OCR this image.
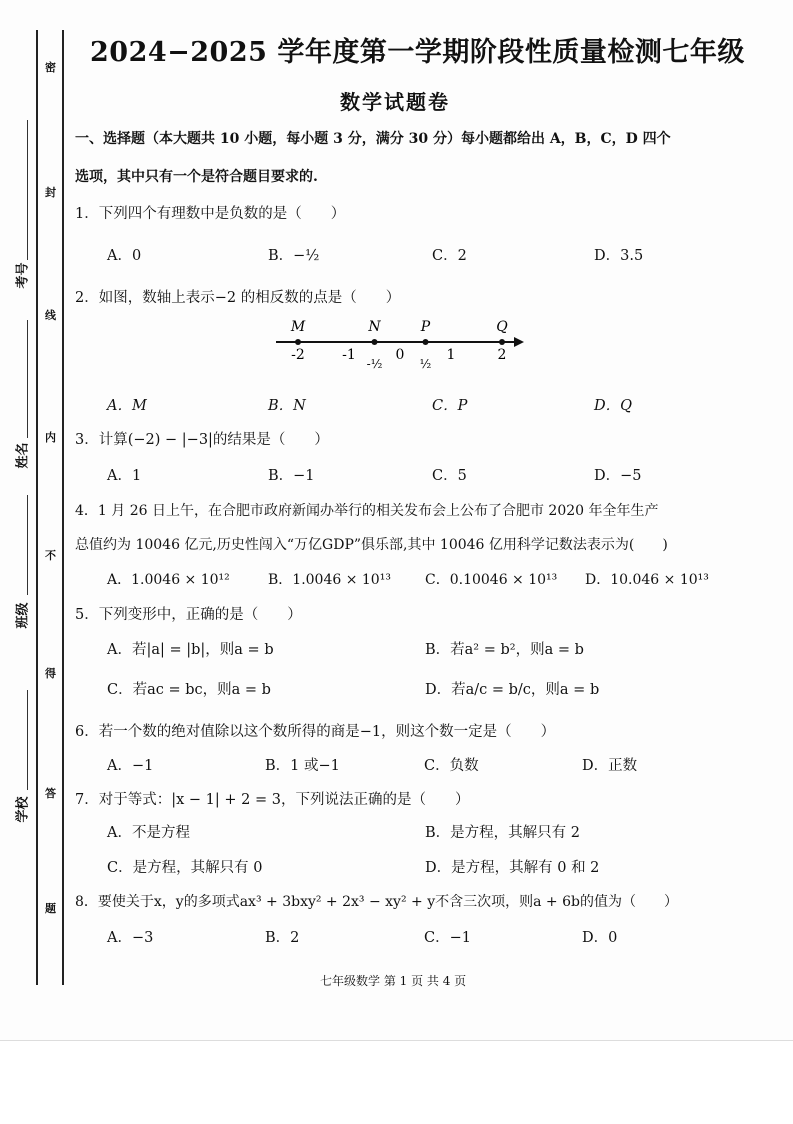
密
封
线
内
不
得
答
题
考号
姓名
班级
学校
2024−2025 学年度第一学期阶段性质量检测七年级
数学试题卷
一、选择题（本大题共 10 小题，每小题 3 分，满分 30 分）每小题都给出 A，B，C，D 四个
选项，其中只有一个是符合题目要求的.
1．下列四个有理数中是负数的是（　　）
A．0	B．−½	C．2	D．3.5
2．如图，数轴上表示−2 的相反数的点是（　　）
M	N	P	Q
-2	-1	0	1	2
-½	½
A．M	B．N	C．P	D．Q
3．计算(−2) − |−3|的结果是（　　）
A．1	B．−1	C．5	D．−5
4．1 月 26 日上午，在合肥市政府新闻办举行的相关发布会上公布了合肥市 2020 年全年生产
总值约为 10046 亿元,历史性闯入“万亿GDP”俱乐部,其中 10046 亿用科学记数法表示为(　　)
A．1.0046 × 10¹²	B．1.0046 × 10¹³ C．0.10046 × 10¹³ D．10.046 × 10¹³
5．下列变形中，正确的是（　　）
A．若|a| = |b|，则a = b	B．若a² = b²，则a = b
C．若ac = bc，则a = b	D．若a/c = b/c，则a = b
6．若一个数的绝对值除以这个数所得的商是−1，则这个数一定是（　　）
A．−1	B．1 或−1	C．负数	D．正数
7．对于等式：|x − 1| + 2 = 3，下列说法正确的是（　　）
A．不是方程	B．是方程，其解只有 2
C．是方程，其解只有 0	D．是方程，其解有 0 和 2
8．要使关于x，y的多项式ax³ + 3bxy² + 2x³ − xy² + y不含三次项，则a + 6b的值为（　　）
A．−3	B．2	C．−1	D．0
七年级数学 第 1 页 共 4 页
